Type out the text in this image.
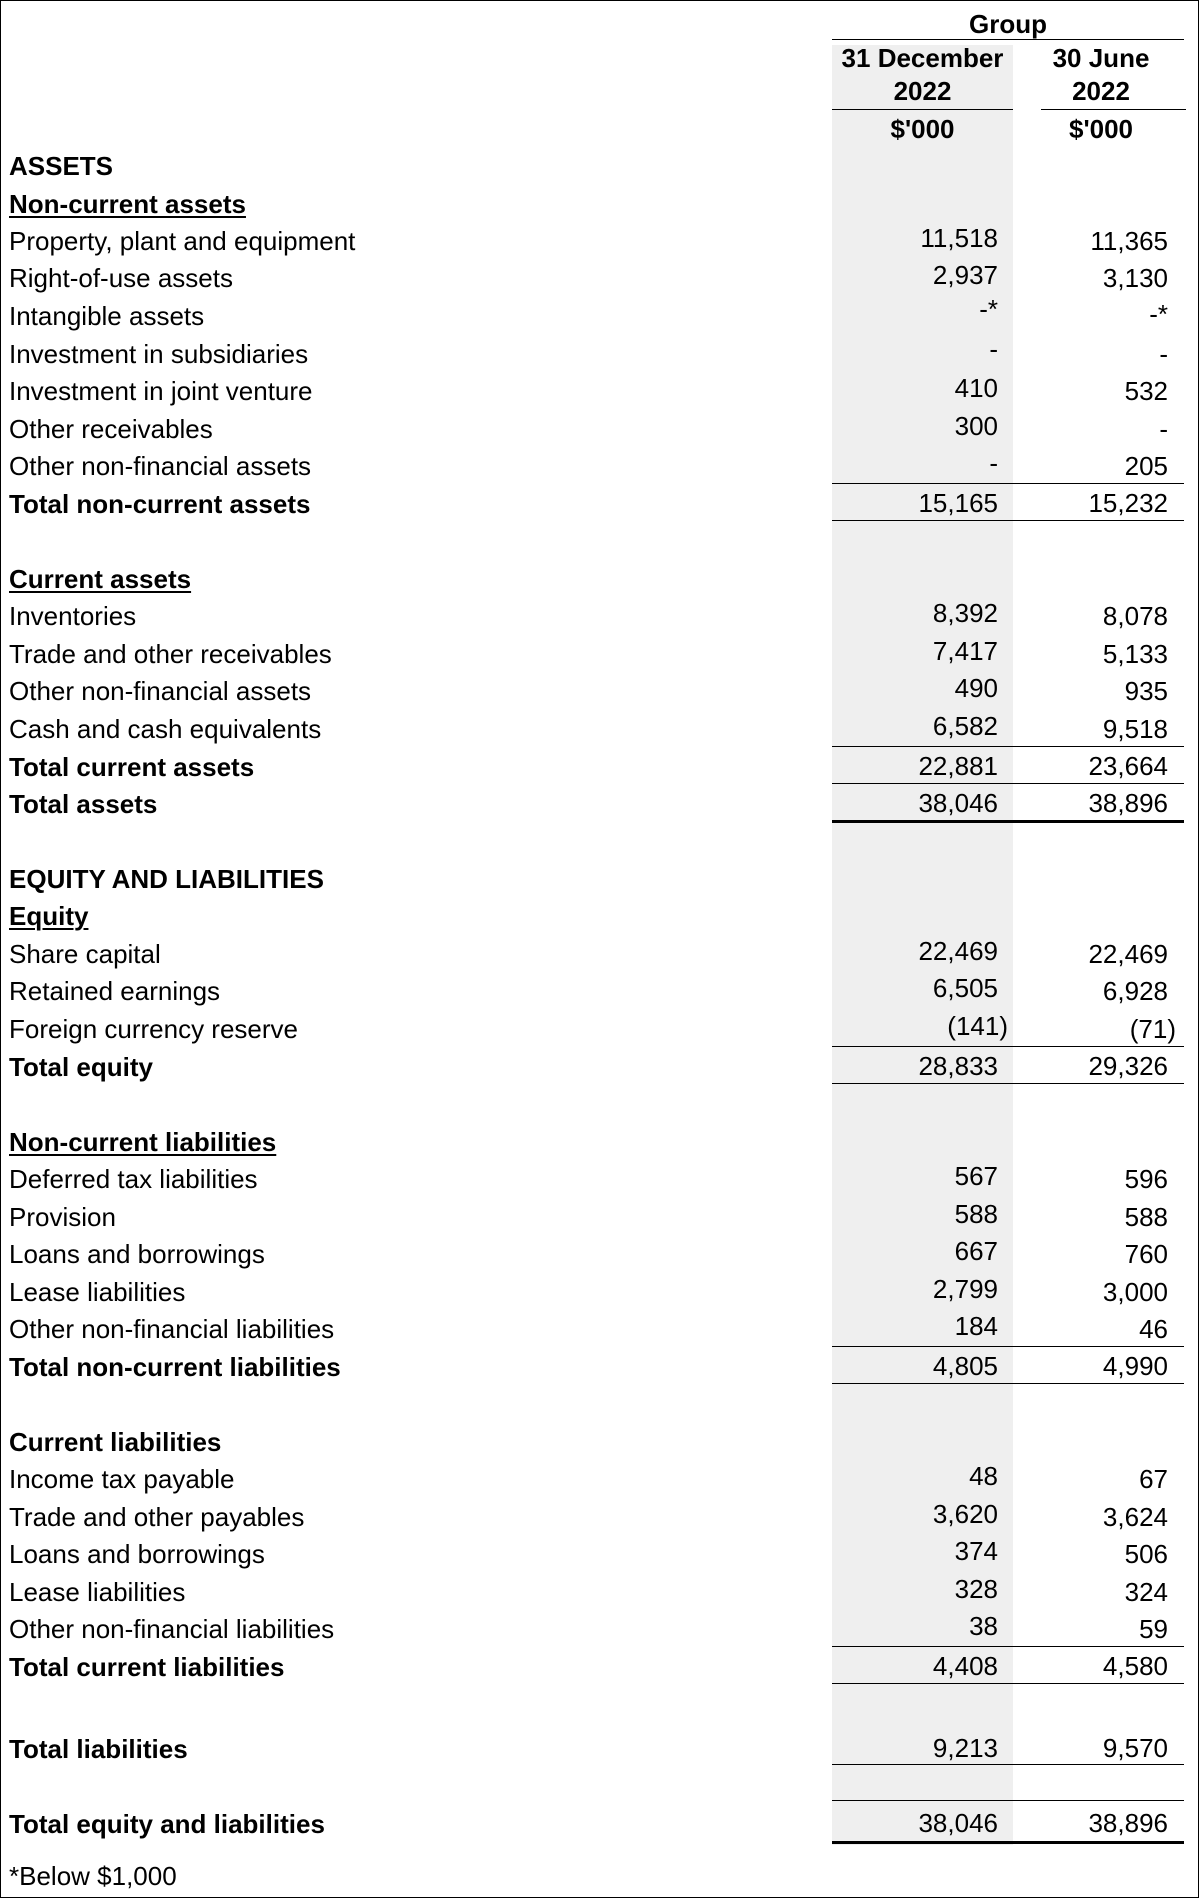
Group
31 December
2022
30 June
2022
$'000	$'000
ASSETS
Non-current assets
Property, plant and equipment	11,518	11,365
Right-of-use assets	2,937	3,130
Intangible assets	-*	-*
Investment in subsidiaries	-	-
Investment in joint venture	410	532
Other receivables	300	-
Other non-financial assets	-	205
Total non-current assets	15,165	15,232
Current assets
Inventories	8,392	8,078
Trade and other receivables	7,417	5,133
Other non-financial assets	490	935
Cash and cash equivalents	6,582	9,518
Total current assets	22,881	23,664
Total assets	38,046	38,896
EQUITY AND LIABILITIES
Equity
Share capital	22,469	22,469
Retained earnings	6,505	6,928
Foreign currency reserve	(141)	(71)
Total equity	28,833	29,326
Non-current liabilities
Deferred tax liabilities	567	596
Provision	588	588
Loans and borrowings	667	760
Lease liabilities	2,799	3,000
Other non-financial liabilities	184	46
Total non-current liabilities	4,805	4,990
Current liabilities
Income tax payable	48	67
Trade and other payables	3,620	3,624
Loans and borrowings	374	506
Lease liabilities	328	324
Other non-financial liabilities	38	59
Total current liabilities	4,408	4,580
Total liabilities	9,213	9,570
Total equity and liabilities	38,046	38,896
*Below $1,000
